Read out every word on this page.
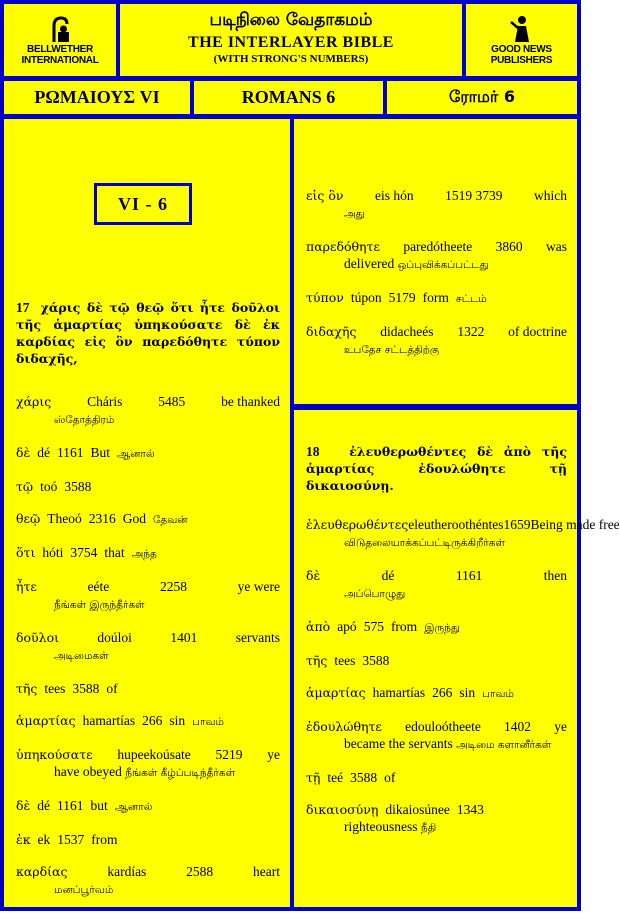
BELLWETHER
INTERNATIONAL
படிநிலை வேதாகமம்
THE INTERLAYER BIBLE
(WITH STRONG'S NUMBERS)
GOOD NEWS
PUBLISHERS
ΡΩΜΑΙΟΥΣ VI	ROMANS 6	ரோமர் 6
VI - 6

17 χάρις δὲ τῷ θεῷ ὅτι ἦτε δοῦλοι τῆς ἁμαρτίας ὑπηκούσατε δὲ ἐκ καρδίας εἰς ὃν παρεδόθητε τύπον διδαχῆς,

χάρις	Cháris	5485	be thanked
ஸ்தோத்திரம்
δὲ dé 1161 But ஆனால்
τῷ toó 3588
θεῷ Theoó 2316 God தேவன்
ὅτι hóti 3754 that அந்த
ἦτε	eéte	2258	ye were
நீங்கள் இருந்தீர்கள்
δοῦλοι	doúloi	1401	servants
அடிமைகள்
τῆς tees 3588 of
ἁμαρτίας hamartías 266 sin பாவம்
ὑπηκούσατε hupeekoúsate 5219 ye
have obeyed நீங்கள் கீழ்ப்படிந்தீர்கள்
δὲ dé 1161 but ஆனால்
ἐκ ek 1537 from
καρδίας	kardías	2588	heart
மனப்பூர்வம்
εἰς ὃν eis hón 1519 3739 which
அது
παρεδόθητε paredótheete 3860 was
delivered ஒப்புவிக்கப்பட்டது
τύπον túpon 5179 form சட்டம்
διδαχῆς didacheés 1322 of doctrine
உபதேச சட்டத்திற்கு

18 ἐλευθερωθέντες δὲ ἀπὸ τῆς ἁμαρτίας ἐδουλώθητε τῇ δικαιοσύνῃ.

ἐλευθερωθέντες eleutheroothéntes 1659 Being made free
விடுதலையாக்கப்பட்டிருக்கிறீர்கள்
δὲ	dé	1161	then
அப்பொழுது
ἀπὸ apó 575 from இருந்து
τῆς tees 3588
ἁμαρτίας hamartías 266 sin பாவம்
ἐδουλώθητε edouloótheete 1402 ye
became the servants அடிமை களானீர்கள்
τῇ teé 3588 of
δικαιοσύνῃ dikaiosúnee 1343
righteousness நீதி
